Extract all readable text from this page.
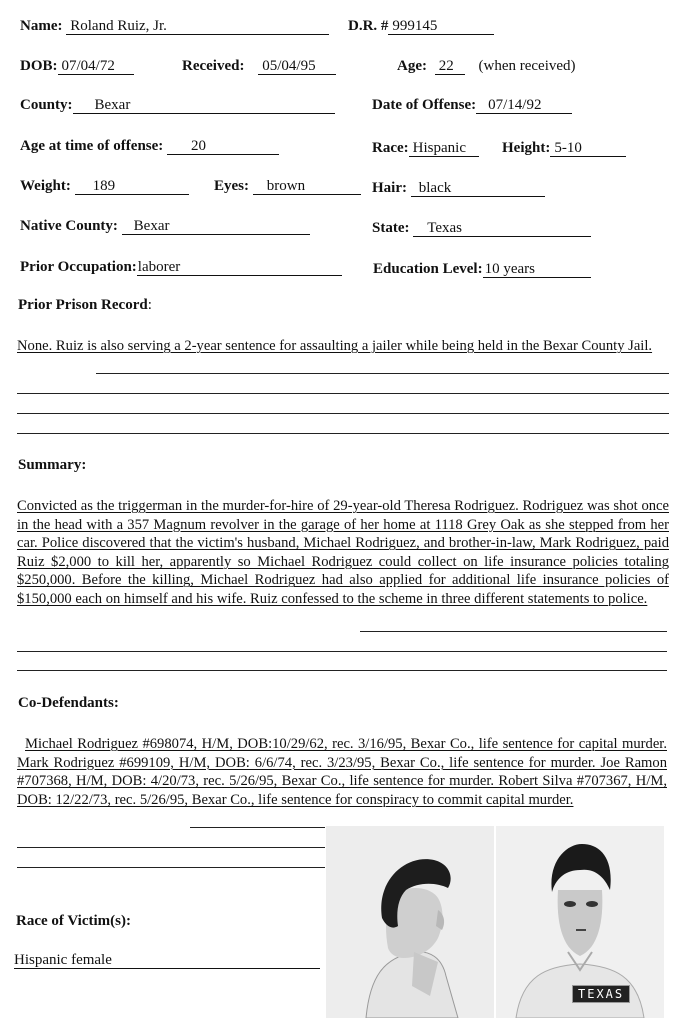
Name: Roland Ruiz, Jr.	D.R. # 999145
DOB: 07/04/72	Received: 05/04/95	Age: 22 (when received)
County: Bexar	Date of Offense: 07/14/92
Age at time of offense: 20	Race: Hispanic	Height: 5-10
Weight: 189	Eyes: brown	Hair: black
Native County: Bexar	State: Texas
Prior Occupation:laborer	Education Level: 10 years
Prior Prison Record:
None. Ruiz is also serving a 2-year sentence for assaulting a jailer while being held in the Bexar County Jail.
Summary:
Convicted as the triggerman in the murder-for-hire of 29-year-old Theresa Rodriguez. Rodriguez was shot once in the head with a 357 Magnum revolver in the garage of her home at 1118 Grey Oak as she stepped from her car. Police discovered that the victim's husband, Michael Rodriguez, and brother-in-law, Mark Rodriguez, paid Ruiz $2,000 to kill her, apparently so Michael Rodriguez could collect on life insurance policies totaling $250,000. Before the killing, Michael Rodriguez had also applied for additional life insurance policies of $150,000 each on himself and his wife. Ruiz confessed to the scheme in three different statements to police.
Co-Defendants:
Michael Rodriguez #698074, H/M, DOB:10/29/62, rec. 3/16/95, Bexar Co., life sentence for capital murder. Mark Rodriguez #699109, H/M, DOB: 6/6/74, rec. 3/23/95, Bexar Co., life sentence for murder. Joe Ramon #707368, H/M, DOB: 4/20/73, rec. 5/26/95, Bexar Co., life sentence for murder. Robert Silva #707367, H/M, DOB: 12/22/73, rec. 5/26/95, Bexar Co., life sentence for conspiracy to commit capital murder.
Race of Victim(s):
Hispanic female
TEXAS
